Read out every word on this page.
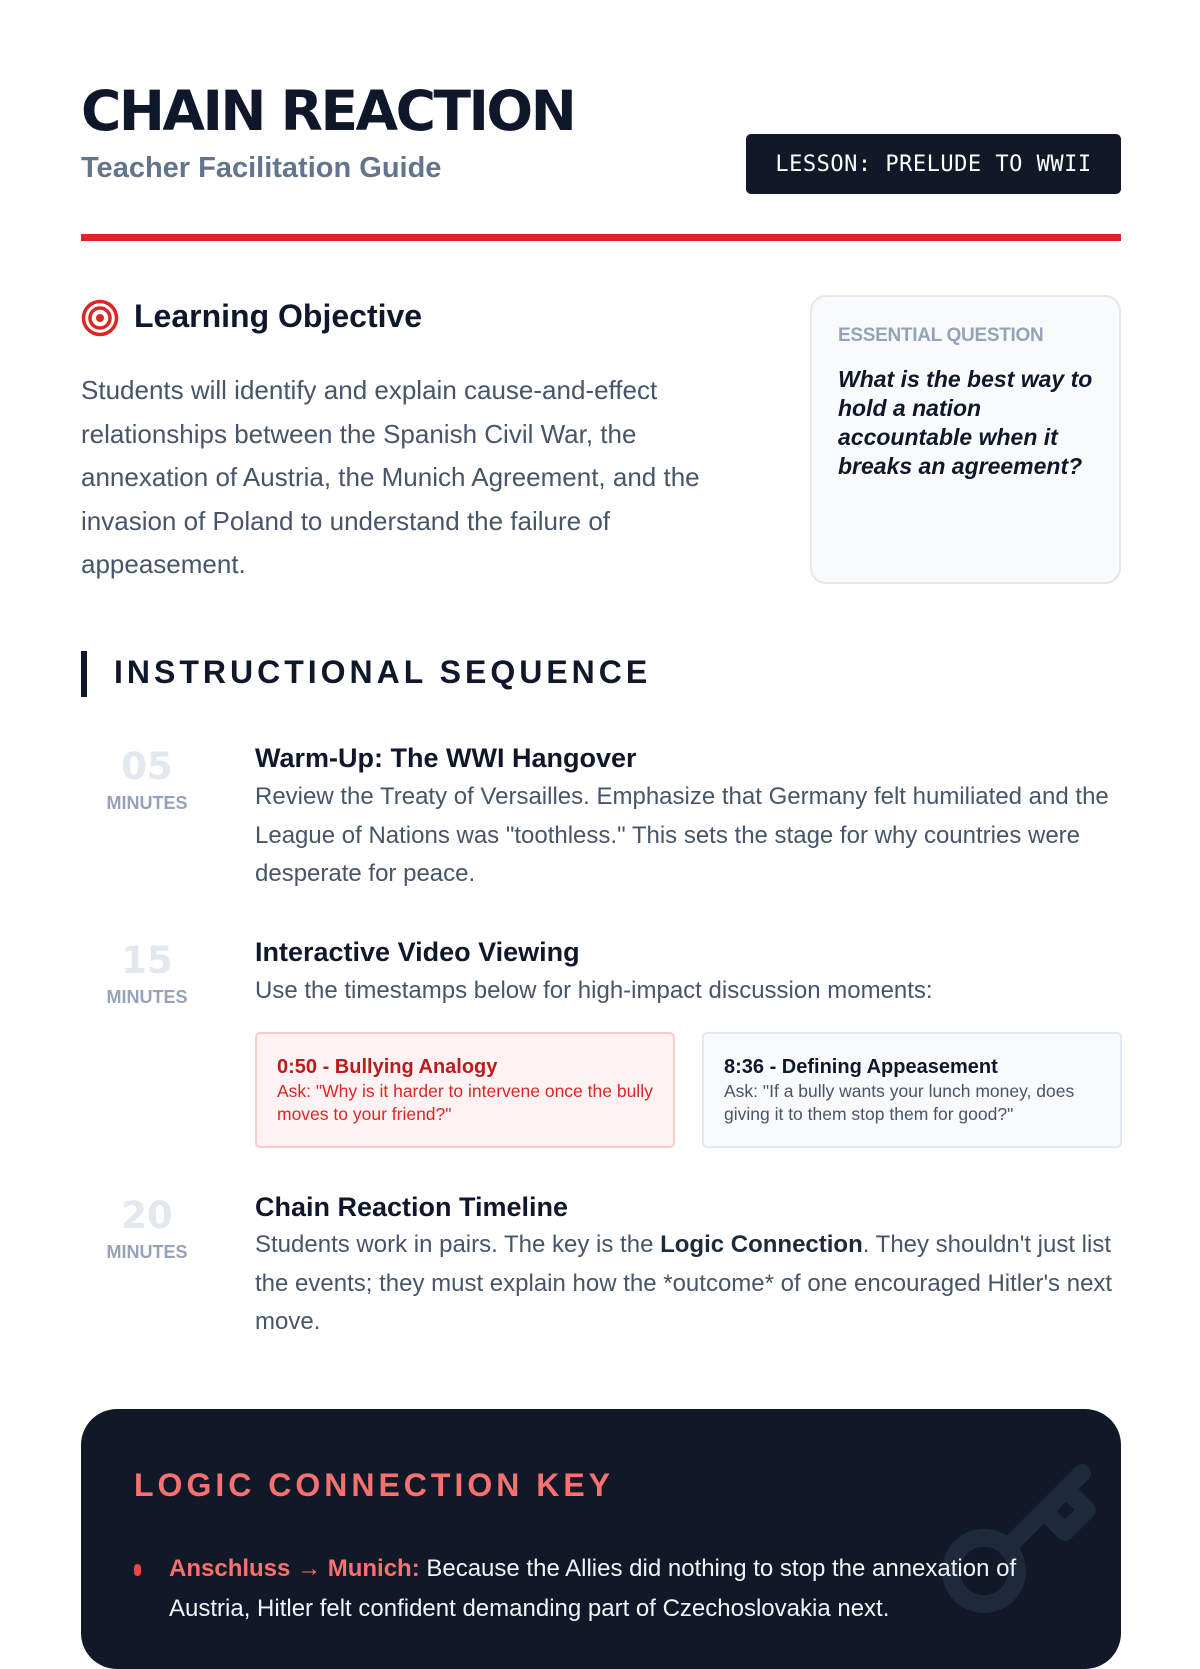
CHAIN REACTION
Teacher Facilitation Guide	LESSON: PRELUDE TO WWII
Learning Objective

Students will identify and explain cause-and-effect relationships between the Spanish Civil War, the annexation of Austria, the Munich Agreement, and the invasion of Poland to understand the failure of appeasement.

ESSENTIAL QUESTION
What is the best way to hold a nation accountable when it breaks an agreement?
INSTRUCTIONAL SEQUENCE
05
MINUTES
Warm-Up: The WWI Hangover

Review the Treaty of Versailles. Emphasize that Germany felt humiliated and the League of Nations was "toothless." This sets the stage for why countries were desperate for peace.

15
MINUTES
Interactive Video Viewing

Use the timestamps below for high-impact discussion moments:

0:50 - Bullying Analogy
Ask: "Why is it harder to intervene once the bully moves to your friend?"
8:36 - Defining Appeasement
Ask: "If a bully wants your lunch money, does giving it to them stop them for good?"
20
MINUTES
Chain Reaction Timeline

Students work in pairs. The key is the Logic Connection. They shouldn't just list the events; they must explain how the *outcome* of one encouraged Hitler's next move.

LOGIC CONNECTION KEY
Anschluss → Munich: Because the Allies did nothing to stop the annexation of Austria, Hitler felt confident demanding part of Czechoslovakia next.
